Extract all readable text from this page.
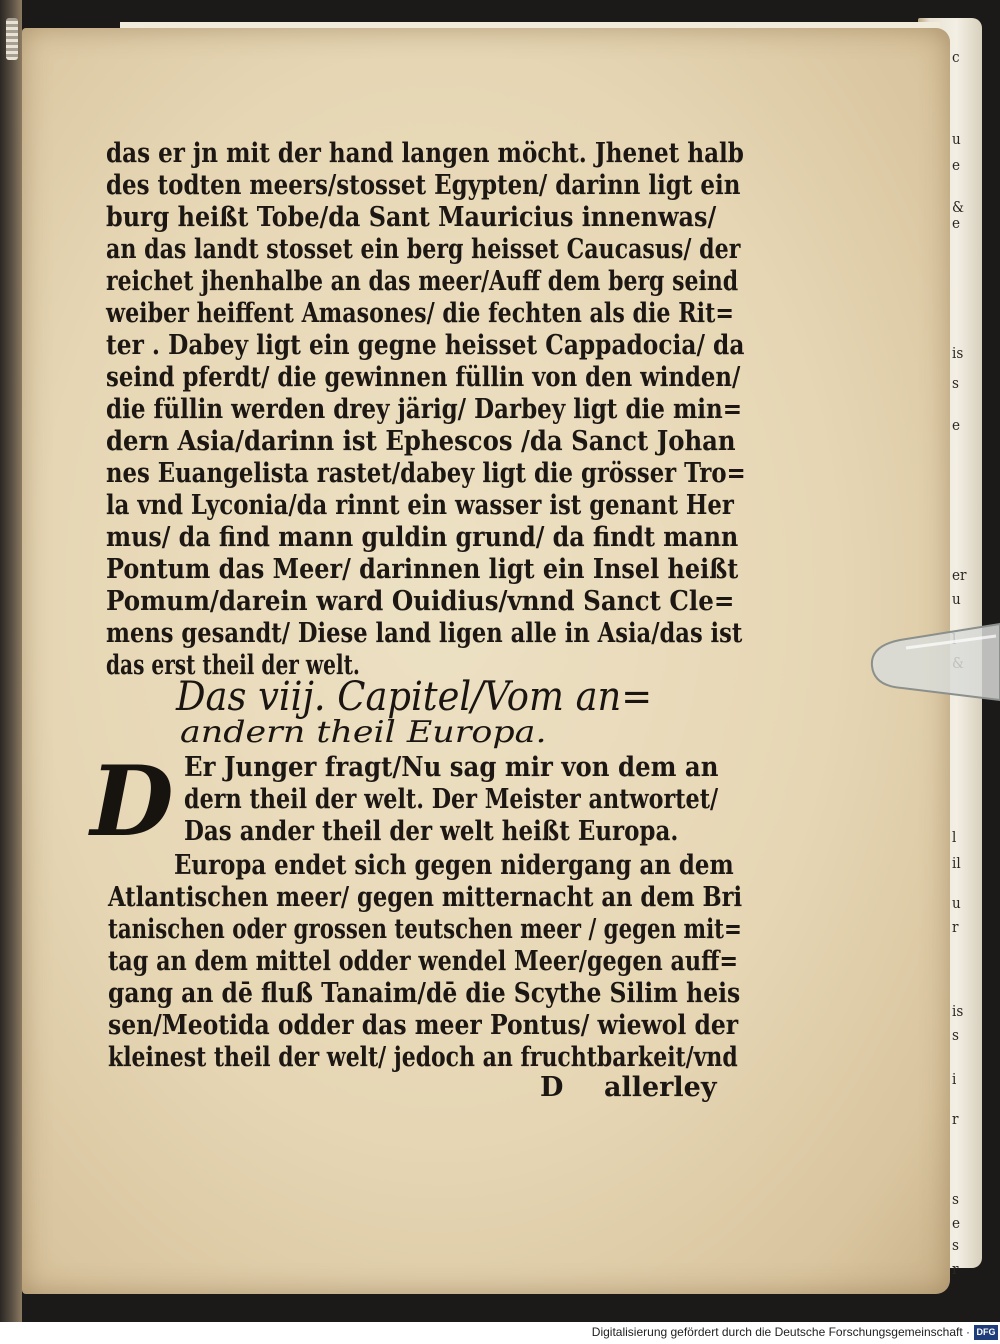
c
u
e
&
e
is
s
e
er
u
l
il
u
r
is
s
i
r
s
e
s
r
das er jn mit der hand langen möcht. Jhenet halb
des todten meers/stosset Egypten/ darinn ligt ein
burg heißt Tobe/da Sant Mauricius innenwas/
an das landt stosset ein berg heisset Caucasus/ der
reichet jhenhalbe an das meer/Auff dem berg seind
weiber heiffent Amasones/ die fechten als die Rit=
ter . Dabey ligt ein gegne heisset Cappadocia/ da
seind pferdt/ die gewinnen füllin von den winden/
die füllin werden drey järig/ Darbey ligt die min=
dern Asia/darinn ist Ephescos /da Sanct Johan
nes Euangelista rastet/dabey ligt die grösser Tro=
la vnd Lyconia/da rinnt ein wasser ist genant Her
mus/ da find mann guldin grund/ da findt mann
Pontum das Meer/ darinnen ligt ein Insel heißt
Pomum/darein ward Ouidius/vnnd Sanct Cle=
mens gesandt/ Diese land ligen alle in Asia/das ist
das erst theil der welt.
Das viij. Capitel/Vom an=
andern theil Europa.
D Er Junger fragt/Nu sag mir von dem an
dern theil der welt. Der Meister antwortet/
Das ander theil der welt heißt Europa.
Europa endet sich gegen nidergang an dem
Atlantischen meer/ gegen mitternacht an dem Bri
tanischen oder grossen teutschen meer / gegen mit=
tag an dem mittel odder wendel Meer/gegen auff=
gang an dē fluß Tanaim/dē die Scythe Silim heis
sen/Meotida odder das meer Pontus/ wiewol der
kleinest theil der welt/ jedoch an fruchtbarkeit/vnd
D allerley
Digitalisierung gefördert durch die Deutsche Forschungsgemeinschaft · DFG
